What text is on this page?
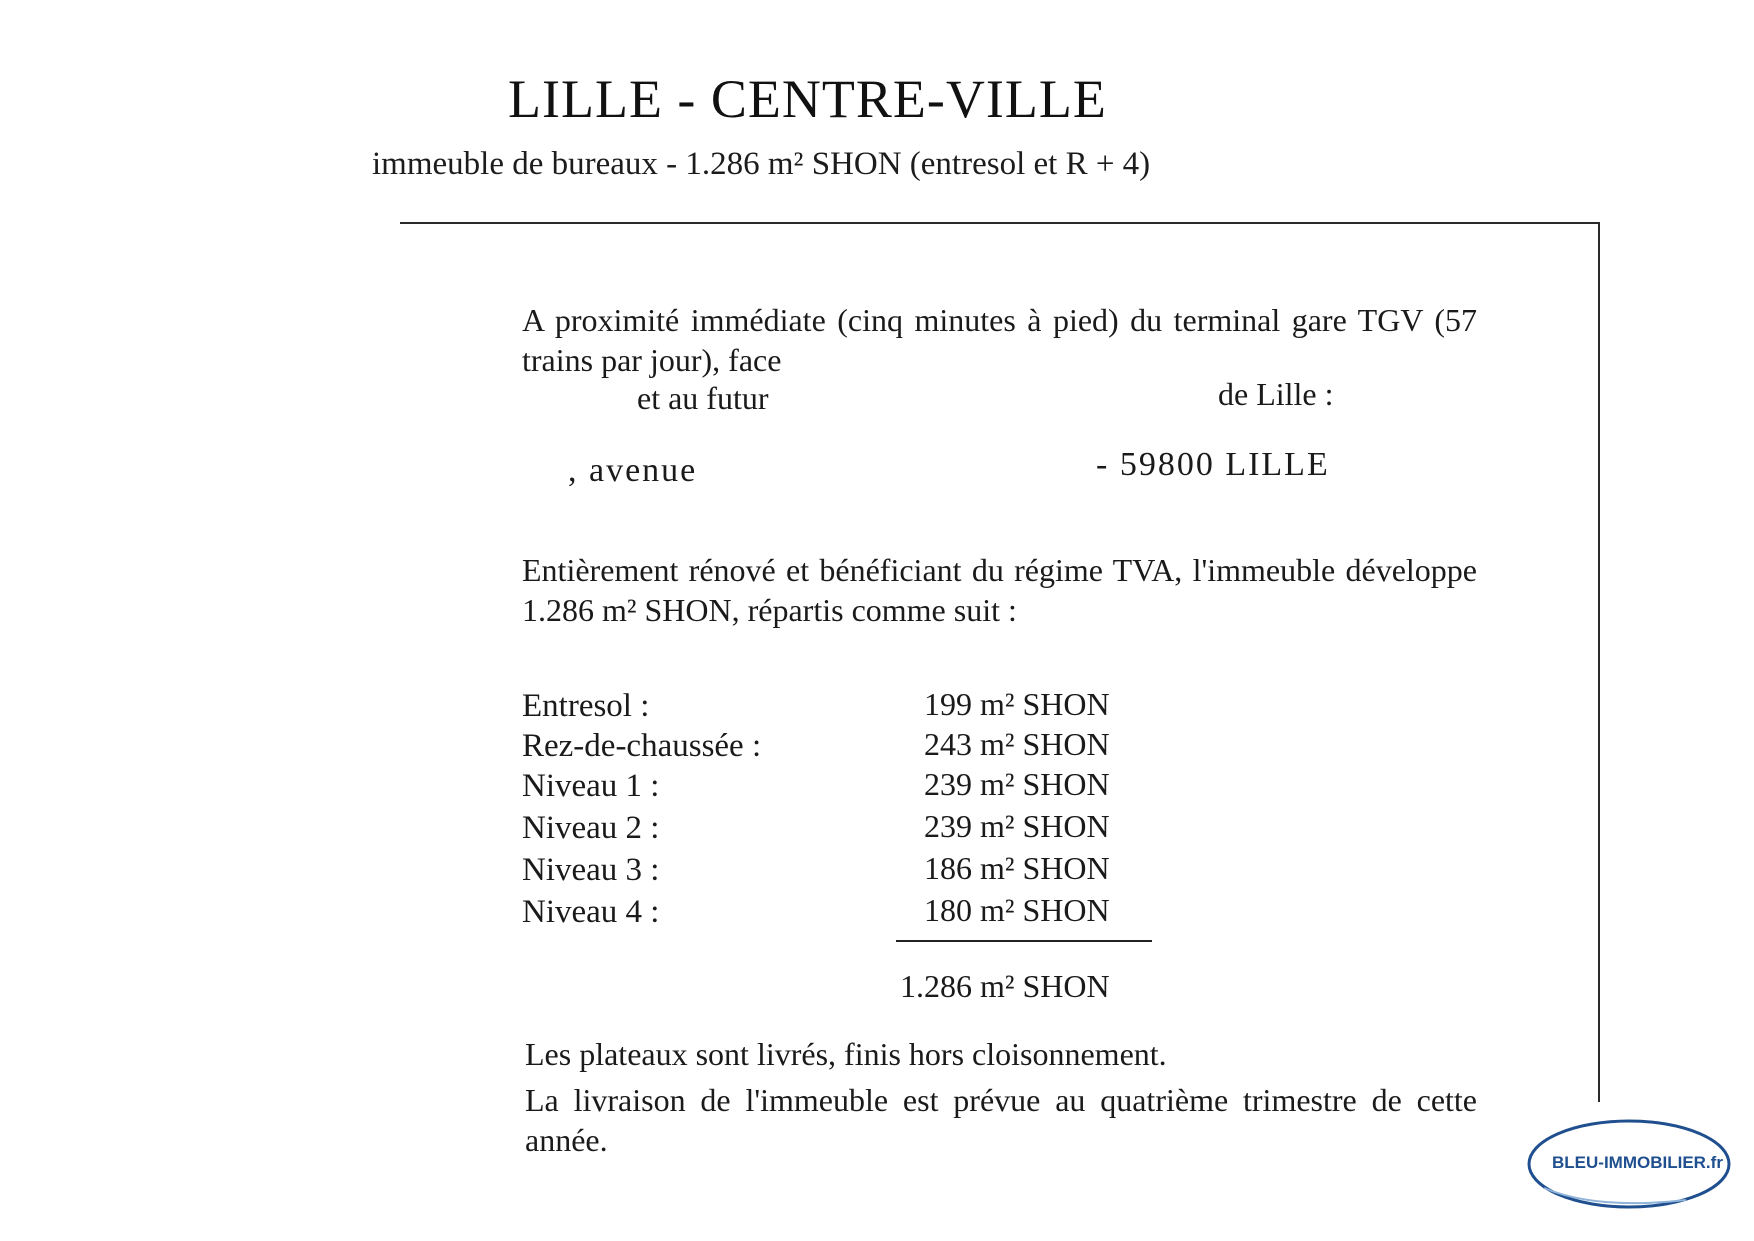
LILLE - CENTRE-VILLE
immeuble de bureaux - 1.286 m² SHON (entresol et R + 4)
A proximité immédiate (cinq minutes à pied) du terminal gare TGV (57 trains par jour), face
et au futur	de Lille :
, avenue	- 59800 LILLE
Entièrement rénové et bénéficiant du régime TVA, l'immeuble développe 1.286 m² SHON, répartis comme suit :
Entresol :	199 m² SHON
Rez-de-chaussée :	243 m² SHON
Niveau 1 :	239 m² SHON
Niveau 2 :	239 m² SHON
Niveau 3 :	186 m² SHON
Niveau 4 :	180 m² SHON
1.286 m² SHON
Les plateaux sont livrés, finis hors cloisonnement.
La livraison de l'immeuble est prévue au quatrième trimestre de cette année.
BLEU-IMMOBILIER.fr
